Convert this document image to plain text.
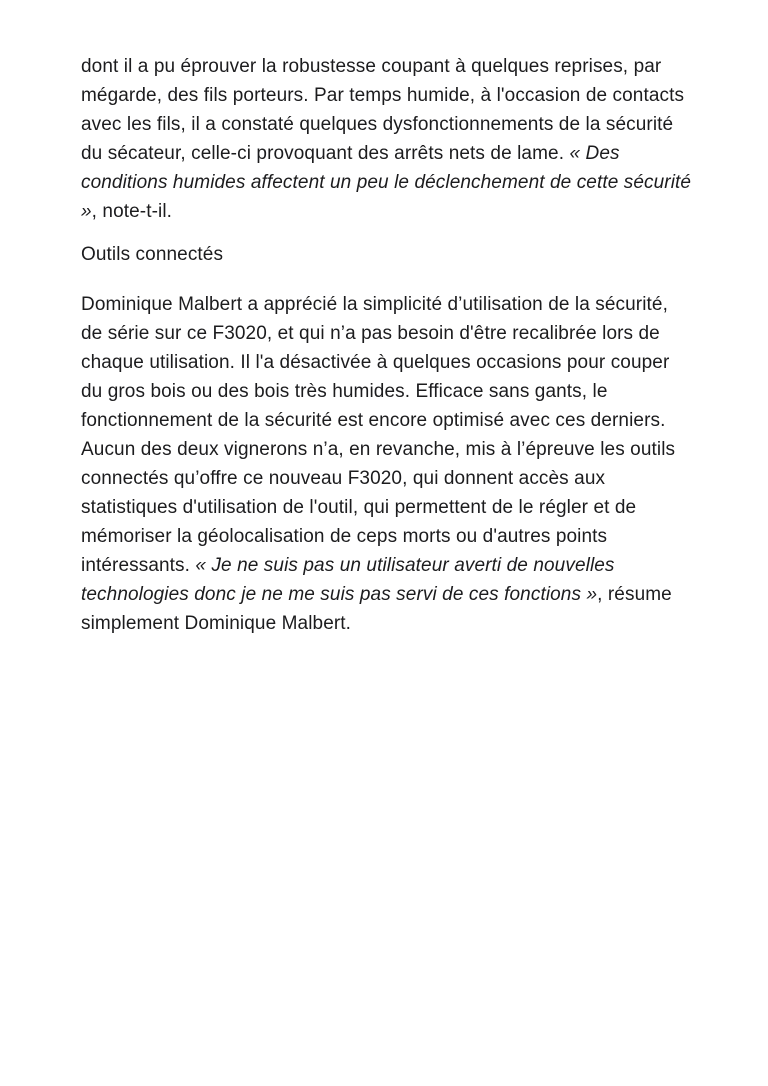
dont il a pu éprouver la robustesse coupant à quelques reprises, par mégarde, des fils porteurs. Par temps humide, à l'occasion de contacts avec les fils, il a constaté quelques dysfonctionnements de la sécurité du sécateur, celle-ci provoquant des arrêts nets de lame. « Des conditions humides affectent un peu le déclenchement de cette sécurité », note-t-il.

Outils connectés

Dominique Malbert a apprécié la simplicité d’utilisation de la sécurité, de série sur ce F3020, et qui n’a pas besoin d'être recalibrée lors de chaque utilisation. Il l'a désactivée à quelques occasions pour couper du gros bois ou des bois très humides. Efficace sans gants, le fonctionnement de la sécurité est encore optimisé avec ces derniers. Aucun des deux vignerons n’a, en revanche, mis à l’épreuve les outils connectés qu’offre ce nouveau F3020, qui donnent accès aux statistiques d'utilisation de l'outil, qui permettent de le régler et de mémoriser la géolocalisation de ceps morts ou d'autres points intéressants. « Je ne suis pas un utilisateur averti de nouvelles technologies donc je ne me suis pas servi de ces fonctions », résume simplement Dominique Malbert.
